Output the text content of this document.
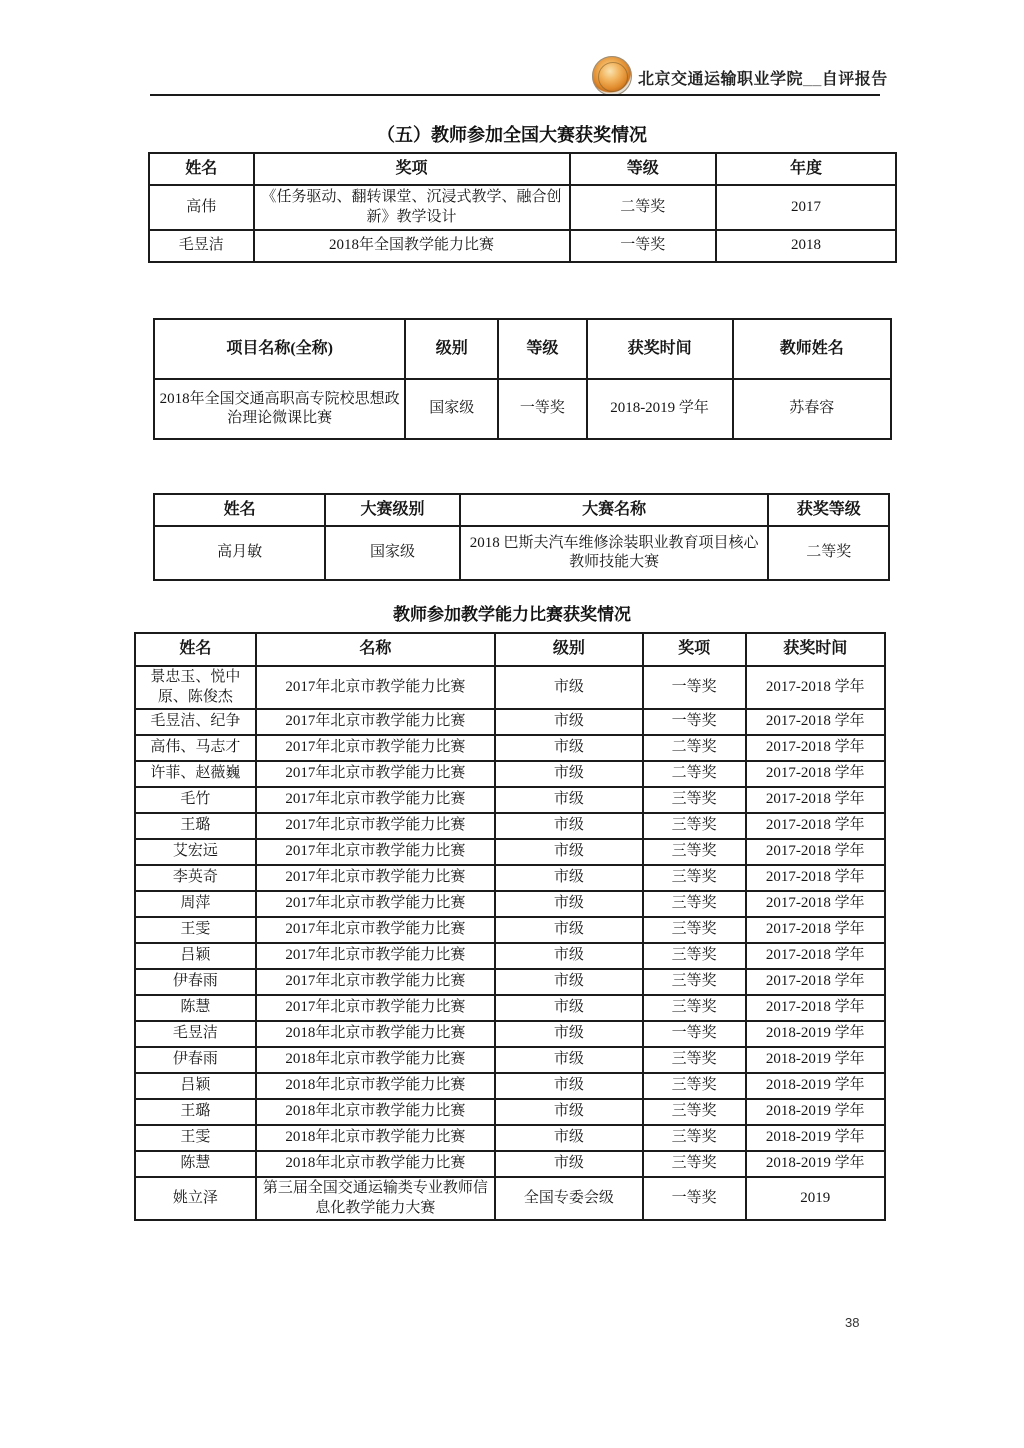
北京交通运输职业学院__自评报告
（五）教师参加全国大赛获奖情况
姓名	奖项	等级	年度
高伟	《任务驱动、翻转课堂、沉浸式教学、融合创新》教学设计	二等奖	2017
毛昱洁	2018年全国教学能力比赛	一等奖	2018
项目名称(全称)	级别	等级	获奖时间	教师姓名
2018年全国交通高职高专院校思想政治理论微课比赛	国家级	一等奖	2018-2019 学年	苏春容
姓名	大赛级别	大赛名称	获奖等级
高月敏	国家级	2018 巴斯夫汽车维修涂装职业教育项目核心教师技能大赛	二等奖
教师参加教学能力比赛获奖情况
姓名	名称	级别	奖项	获奖时间
景忠玉、悦中原、陈俊杰	2017年北京市教学能力比赛	市级	一等奖	2017-2018 学年
毛昱洁、纪争	2017年北京市教学能力比赛	市级	一等奖	2017-2018 学年
高伟、马志才	2017年北京市教学能力比赛	市级	二等奖	2017-2018 学年
许菲、赵薇巍	2017年北京市教学能力比赛	市级	二等奖	2017-2018 学年
毛竹	2017年北京市教学能力比赛	市级	三等奖	2017-2018 学年
王璐	2017年北京市教学能力比赛	市级	三等奖	2017-2018 学年
艾宏远	2017年北京市教学能力比赛	市级	三等奖	2017-2018 学年
李英奇	2017年北京市教学能力比赛	市级	三等奖	2017-2018 学年
周萍	2017年北京市教学能力比赛	市级	三等奖	2017-2018 学年
王雯	2017年北京市教学能力比赛	市级	三等奖	2017-2018 学年
吕颖	2017年北京市教学能力比赛	市级	三等奖	2017-2018 学年
伊春雨	2017年北京市教学能力比赛	市级	三等奖	2017-2018 学年
陈慧	2017年北京市教学能力比赛	市级	三等奖	2017-2018 学年
毛昱洁	2018年北京市教学能力比赛	市级	一等奖	2018-2019 学年
伊春雨	2018年北京市教学能力比赛	市级	三等奖	2018-2019 学年
吕颖	2018年北京市教学能力比赛	市级	三等奖	2018-2019 学年
王璐	2018年北京市教学能力比赛	市级	三等奖	2018-2019 学年
王雯	2018年北京市教学能力比赛	市级	三等奖	2018-2019 学年
陈慧	2018年北京市教学能力比赛	市级	三等奖	2018-2019 学年
姚立泽	第三届全国交通运输类专业教师信息化教学能力大赛	全国专委会级	一等奖	2019
38
